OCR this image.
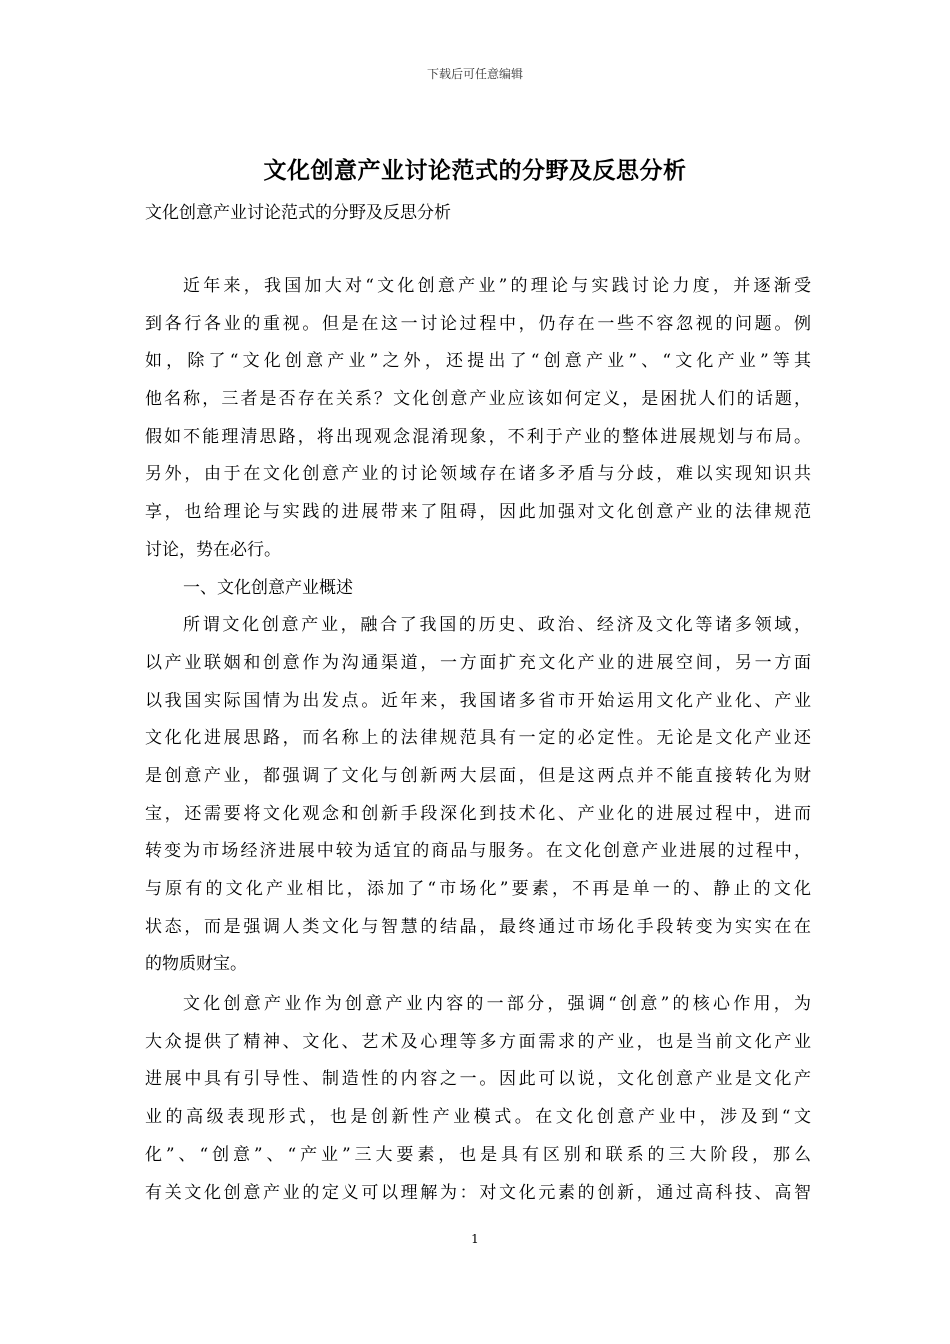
下载后可任意编辑
文化创意产业讨论范式的分野及反思分析
文化创意产业讨论范式的分野及反思分析
近年来，我国加大对“文化创意产业”的理论与实践讨论力度，并逐渐受
到各行各业的重视。但是在这一讨论过程中，仍存在一些不容忽视的问题。例
如，除了“文化创意产业”之外，还提出了“创意产业”、“文化产业”等其
他名称，三者是否存在关系？文化创意产业应该如何定义，是困扰人们的话题，
假如不能理清思路，将出现观念混淆现象，不利于产业的整体进展规划与布局。
另外，由于在文化创意产业的讨论领域存在诸多矛盾与分歧，难以实现知识共
享，也给理论与实践的进展带来了阻碍，因此加强对文化创意产业的法律规范
讨论，势在必行。
一、文化创意产业概述
所谓文化创意产业，融合了我国的历史、政治、经济及文化等诸多领域，
以产业联姻和创意作为沟通渠道，一方面扩充文化产业的进展空间，另一方面
以我国实际国情为出发点。近年来，我国诸多省市开始运用文化产业化、产业
文化化进展思路，而名称上的法律规范具有一定的必定性。无论是文化产业还
是创意产业，都强调了文化与创新两大层面，但是这两点并不能直接转化为财
宝，还需要将文化观念和创新手段深化到技术化、产业化的进展过程中，进而
转变为市场经济进展中较为适宜的商品与服务。在文化创意产业进展的过程中，
与原有的文化产业相比，添加了“市场化”要素，不再是单一的、静止的文化
状态，而是强调人类文化与智慧的结晶，最终通过市场化手段转变为实实在在
的物质财宝。
文化创意产业作为创意产业内容的一部分，强调“创意”的核心作用，为
大众提供了精神、文化、艺术及心理等多方面需求的产业，也是当前文化产业
进展中具有引导性、制造性的内容之一。因此可以说，文化创意产业是文化产
业的高级表现形式，也是创新性产业模式。在文化创意产业中，涉及到“文
化”、“创意”、“产业”三大要素，也是具有区别和联系的三大阶段，那么
有关文化创意产业的定义可以理解为：对文化元素的创新，通过高科技、高智
1
